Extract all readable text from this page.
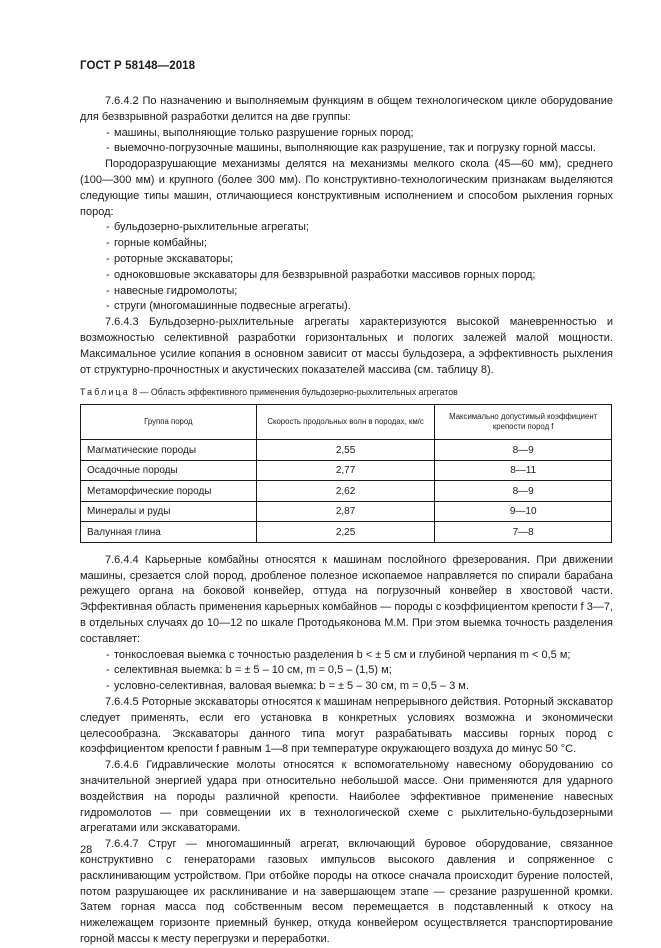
ГОСТ Р 58148—2018

7.6.4.2 По назначению и выполняемым функциям в общем технологическом цикле оборудование для безвзрывной разработки делится на две группы:

- машины, выполняющие только разрушение горных пород;
- выемочно-погрузочные машины, выполняющие как разрушение, так и погрузку горной массы.

Породоразрушающие механизмы делятся на механизмы мелкого скола (45—60 мм), среднего (100—300 мм) и крупного (более 300 мм). По конструктивно-технологическим признакам выделяются следующие типы машин, отличающиеся конструктивным исполнением и способом рыхления горных пород:

- бульдозерно-рыхлительные агрегаты;
- горные комбайны;
- роторные экскаваторы;
- одноковшовые экскаваторы для безвзрывной разработки массивов горных пород;
- навесные гидромолоты;
- струги (многомашинные подвесные агрегаты).

7.6.4.3 Бульдозерно-рыхлительные агрегаты характеризуются высокой маневренностью и возможностью селективной разработки горизонтальных и пологих залежей малой мощности. Максимальное усилие копания в основном зависит от массы бульдозера, а эффективность рыхления от структурно-прочностных и акустических показателей массива (см. таблицу 8).

Таблица 8 — Область эффективного применения бульдозерно-рыхлительных агрегатов
Группа пород	Скорость продольных волн в породах, км/с	Максимально допустимый коэффициент крепости пород f
Магматические породы	2,55	8—9
Осадочные породы	2,77	8—11
Метаморфические породы	2,62	8—9
Минералы и руды	2,87	9—10
Валунная глина	2,25	7—8

7.6.4.4 Карьерные комбайны относятся к машинам послойного фрезерования. При движении машины, срезается слой пород, дробленое полезное ископаемое направляется по спирали барабана режущего органа на боковой конвейер, оттуда на погрузочный конвейер в хвостовой части. Эффективная область применения карьерных комбайнов — породы с коэффициентом крепости f 3—7, в отдельных случаях до 10—12 по шкале Протодьяконова М.М. При этом выемка точность разделения составляет:

- тонкослоевая выемка с точностью разделения b < ± 5 см и глубиной черпания m < 0,5 м;
- селективная выемка: b = ± 5 – 10 см, m = 0,5 – (1,5) м;
- условно-селективная, валовая выемка: b = ± 5 – 30 см, m = 0,5 – 3 м.

7.6.4.5 Роторные экскаваторы относятся к машинам непрерывного действия. Роторный экскаватор следует применять, если его установка в конкретных условиях возможна и экономически целесообразна. Экскаваторы данного типа могут разрабатывать массивы горных пород с коэффициентом крепости f равным 1—8 при температуре окружающего воздуха до минус 50 °С.

7.6.4.6 Гидравлические молоты относятся к вспомогательному навесному оборудованию со значительной энергией удара при относительно небольшой массе. Они применяются для ударного воздействия на породы различной крепости. Наиболее эффективное применение навесных гидромолотов — при совмещении их в технологической схеме с рыхлительно-бульдозерными агрегатами или экскаваторами.

7.6.4.7 Струг — многомашинный агрегат, включающий буровое оборудование, связанное конструктивно с генераторами газовых импульсов высокого давления и сопряженное с расклинивающим устройством. При отбойке породы на откосе сначала происходит бурение полостей, потом разрушающее их расклинивание и на завершающем этапе — срезание разрушенной кромки. Затем горная масса под собственным весом перемещается в подставленный к откосу на нижележащем горизонте приемный бункер, откуда конвейером осуществляется транспортирование горной массы к месту перегрузки и переработки.

28
